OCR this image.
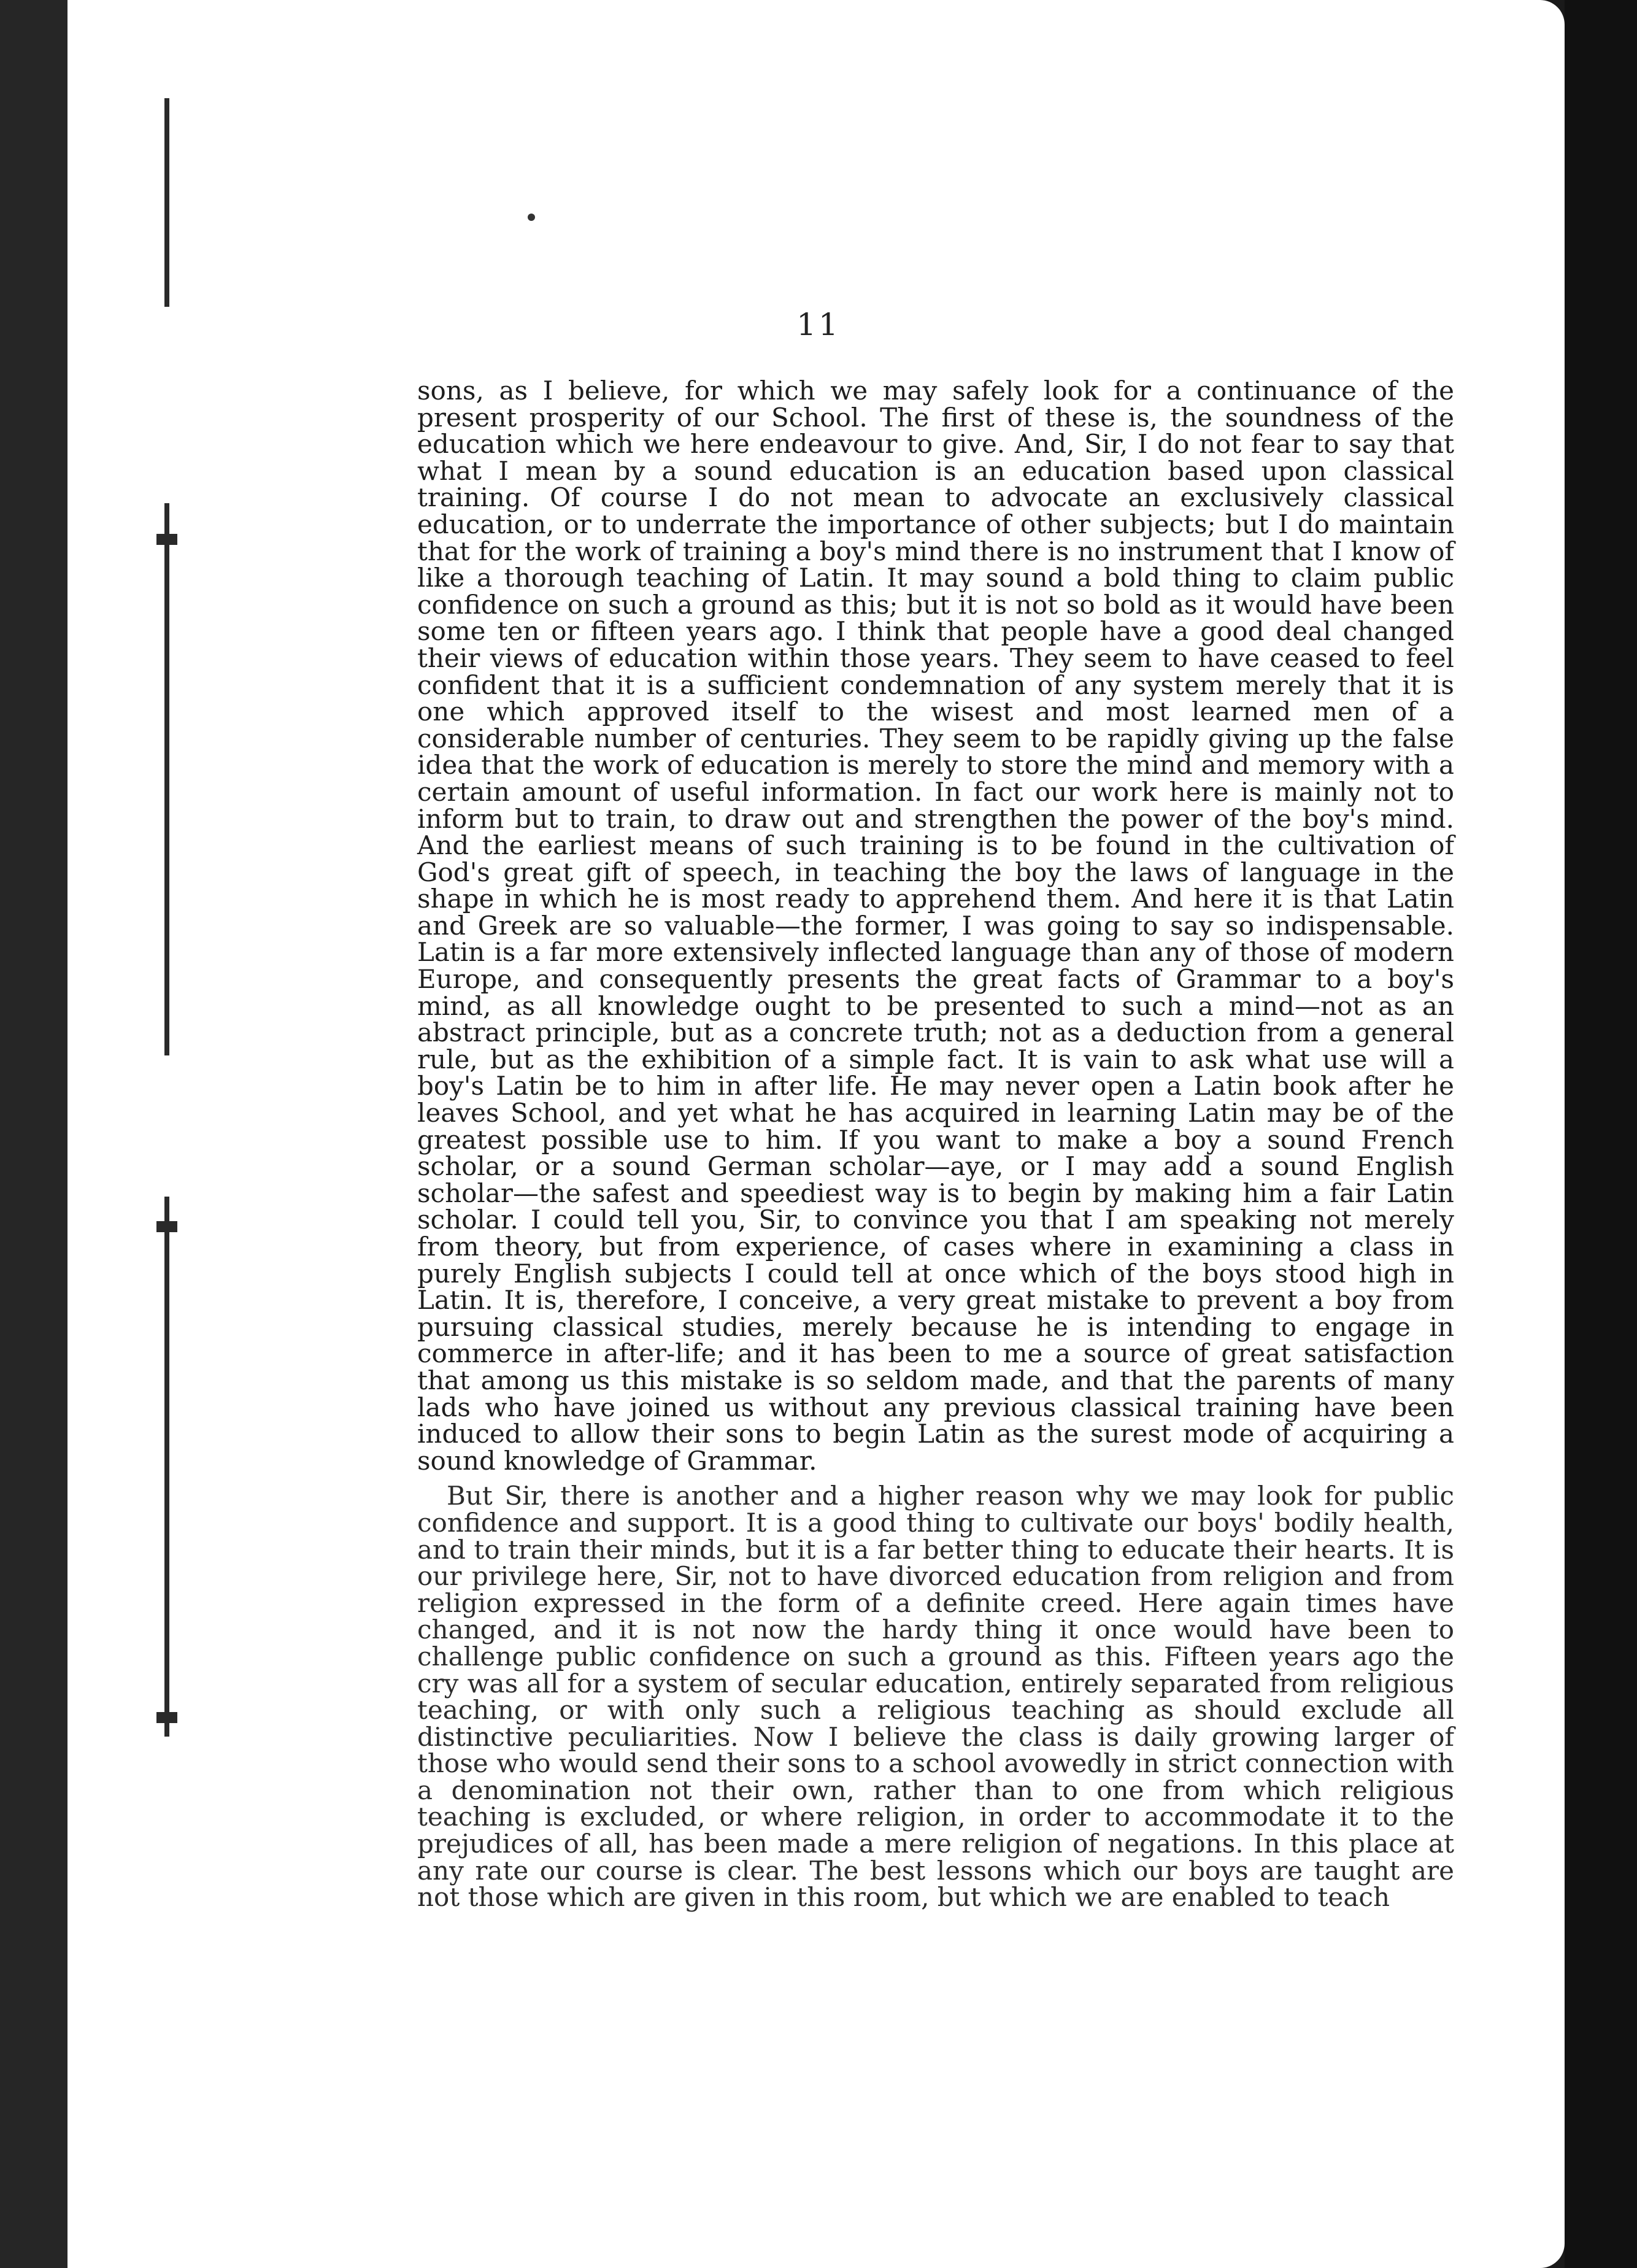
11

sons, as I believe, for which we may safely look for a continuance of the present prosperity of our School. The first of these is, the soundness of the education which we here endeavour to give. And, Sir, I do not fear to say that what I mean by a sound education is an education based upon classical training. Of course I do not mean to advocate an exclusively classical education, or to underrate the importance of other subjects; but I do maintain that for the work of training a boy's mind there is no instrument that I know of like a thorough teaching of Latin. It may sound a bold thing to claim public confidence on such a ground as this; but it is not so bold as it would have been some ten or fifteen years ago. I think that people have a good deal changed their views of education within those years. They seem to have ceased to feel confident that it is a sufficient condemnation of any system merely that it is one which approved itself to the wisest and most learned men of a considerable number of centuries. They seem to be rapidly giving up the false idea that the work of education is merely to store the mind and memory with a certain amount of useful information. In fact our work here is mainly not to inform but to train, to draw out and strengthen the power of the boy's mind. And the earliest means of such training is to be found in the cultivation of God's great gift of speech, in teaching the boy the laws of language in the shape in which he is most ready to apprehend them. And here it is that Latin and Greek are so valuable—the former, I was going to say so indispensable. Latin is a far more extensively inflected language than any of those of modern Europe, and consequently presents the great facts of Grammar to a boy's mind, as all knowledge ought to be presented to such a mind—not as an abstract principle, but as a concrete truth; not as a deduction from a general rule, but as the exhibition of a simple fact. It is vain to ask what use will a boy's Latin be to him in after life. He may never open a Latin book after he leaves School, and yet what he has acquired in learning Latin may be of the greatest possible use to him. If you want to make a boy a sound French scholar, or a sound German scholar—aye, or I may add a sound English scholar—the safest and speediest way is to begin by making him a fair Latin scholar. I could tell you, Sir, to convince you that I am speaking not merely from theory, but from experience, of cases where in examining a class in purely English subjects I could tell at once which of the boys stood high in Latin. It is, therefore, I conceive, a very great mistake to prevent a boy from pursuing classical studies, merely because he is intending to engage in commerce in after-life; and it has been to me a source of great satisfaction that among us this mistake is so seldom made, and that the parents of many lads who have joined us without any previous classical training have been induced to allow their sons to begin Latin as the surest mode of acquiring a sound knowledge of Grammar.

But Sir, there is another and a higher reason why we may look for public confidence and support. It is a good thing to cultivate our boys' bodily health, and to train their minds, but it is a far better thing to educate their hearts. It is our privilege here, Sir, not to have divorced education from religion and from religion expressed in the form of a definite creed. Here again times have changed, and it is not now the hardy thing it once would have been to challenge public confidence on such a ground as this. Fifteen years ago the cry was all for a system of secular education, entirely separated from religious teaching, or with only such a religious teaching as should exclude all distinctive peculiarities. Now I believe the class is daily growing larger of those who would send their sons to a school avowedly in strict connection with a denomination not their own, rather than to one from which religious teaching is excluded, or where religion, in order to accommodate it to the prejudices of all, has been made a mere religion of negations. In this place at any rate our course is clear. The best lessons which our boys are taught are not those which are given in this room, but which we are enabled to teach
